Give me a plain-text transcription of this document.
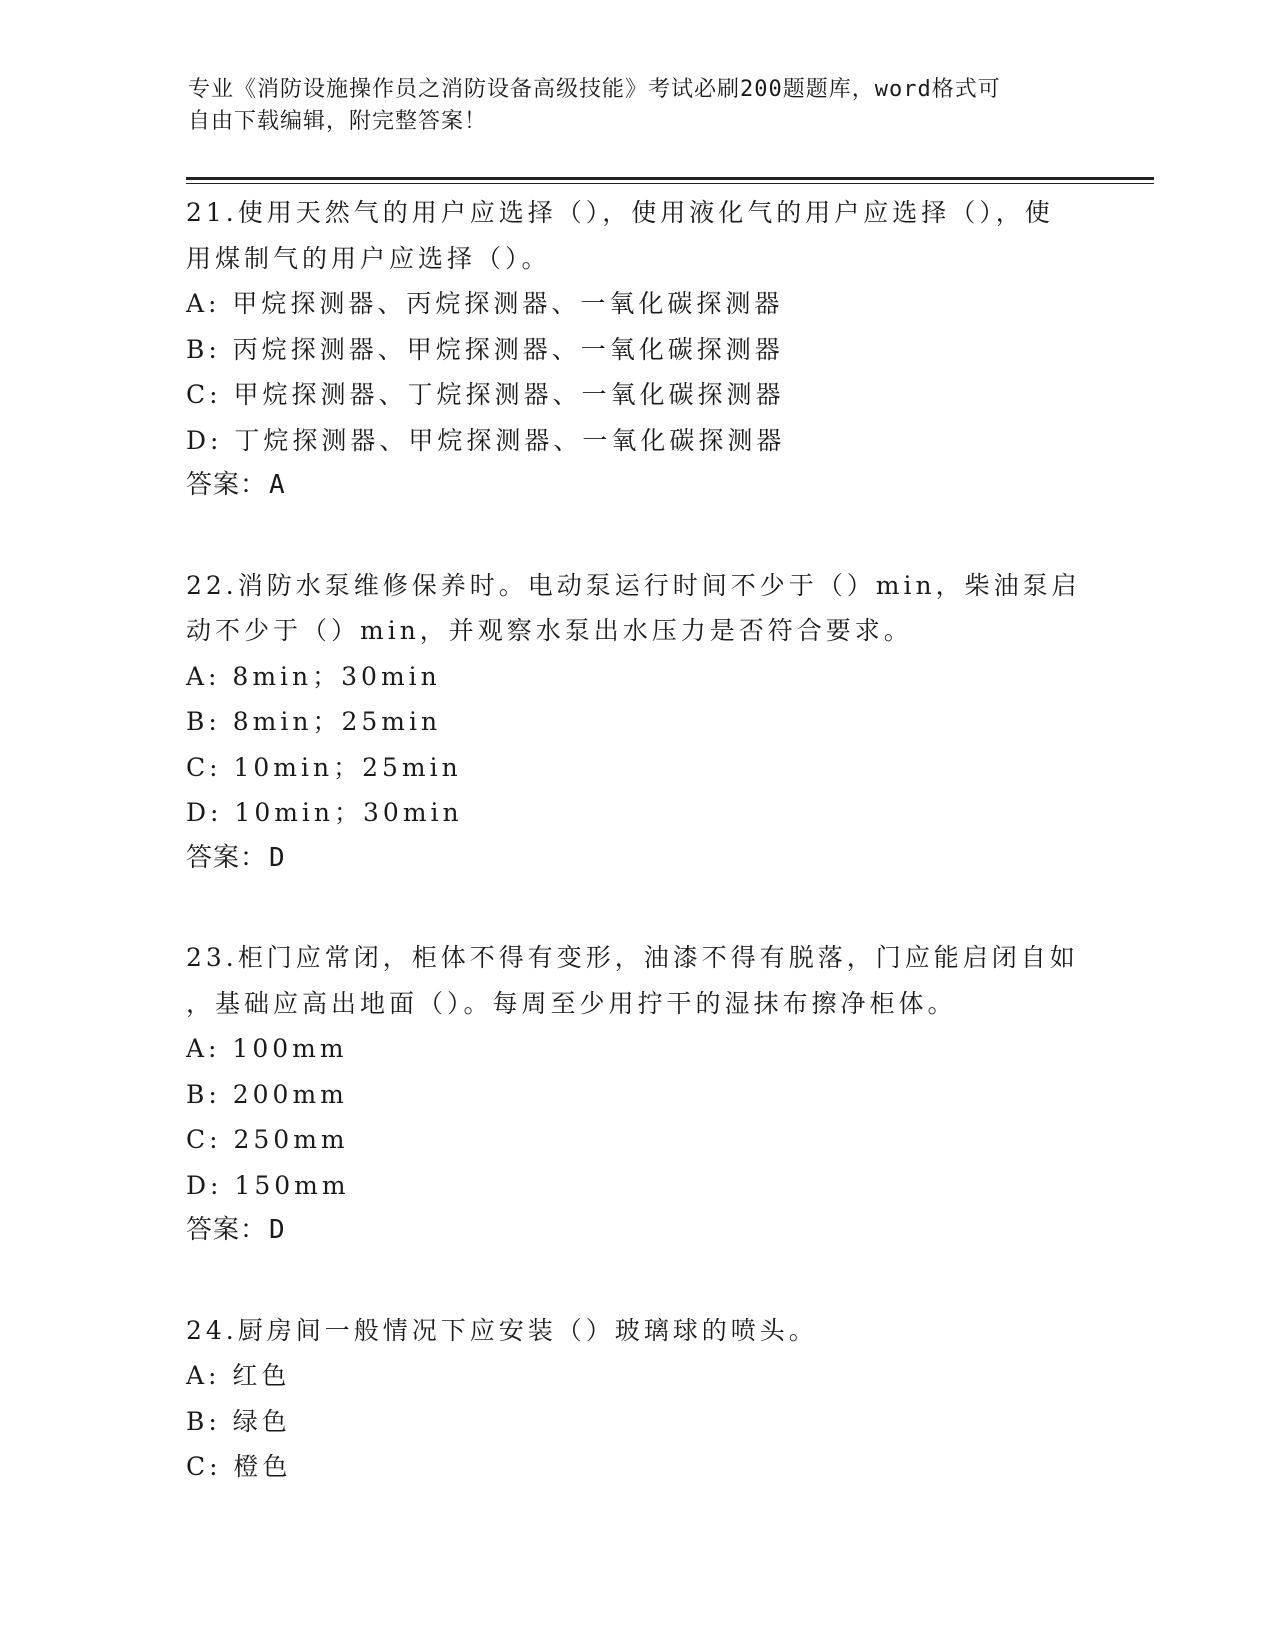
专业《消防设施操作员之消防设备高级技能》考试必刷200题题库，word格式可
自由下载编辑，附完整答案！
21.使用天然气的用户应选择（），使用液化气的用户应选择（），使
用煤制气的用户应选择（）。
A: 甲烷探测器、丙烷探测器、一氧化碳探测器
B: 丙烷探测器、甲烷探测器、一氧化碳探测器
C: 甲烷探测器、丁烷探测器、一氧化碳探测器
D: 丁烷探测器、甲烷探测器、一氧化碳探测器
答案：A
22.消防水泵维修保养时。电动泵运行时间不少于（）min，柴油泵启
动不少于（）min，并观察水泵出水压力是否符合要求。
A: 8min；30min
B: 8min；25min
C: 10min；25min
D: 10min；30min
答案：D
23.柜门应常闭，柜体不得有变形，油漆不得有脱落，门应能启闭自如
，基础应高出地面（）。每周至少用拧干的湿抹布擦净柜体。
A: 100mm
B: 200mm
C: 250mm
D: 150mm
答案：D
24.厨房间一般情况下应安装（）玻璃球的喷头。
A: 红色
B: 绿色
C: 橙色
